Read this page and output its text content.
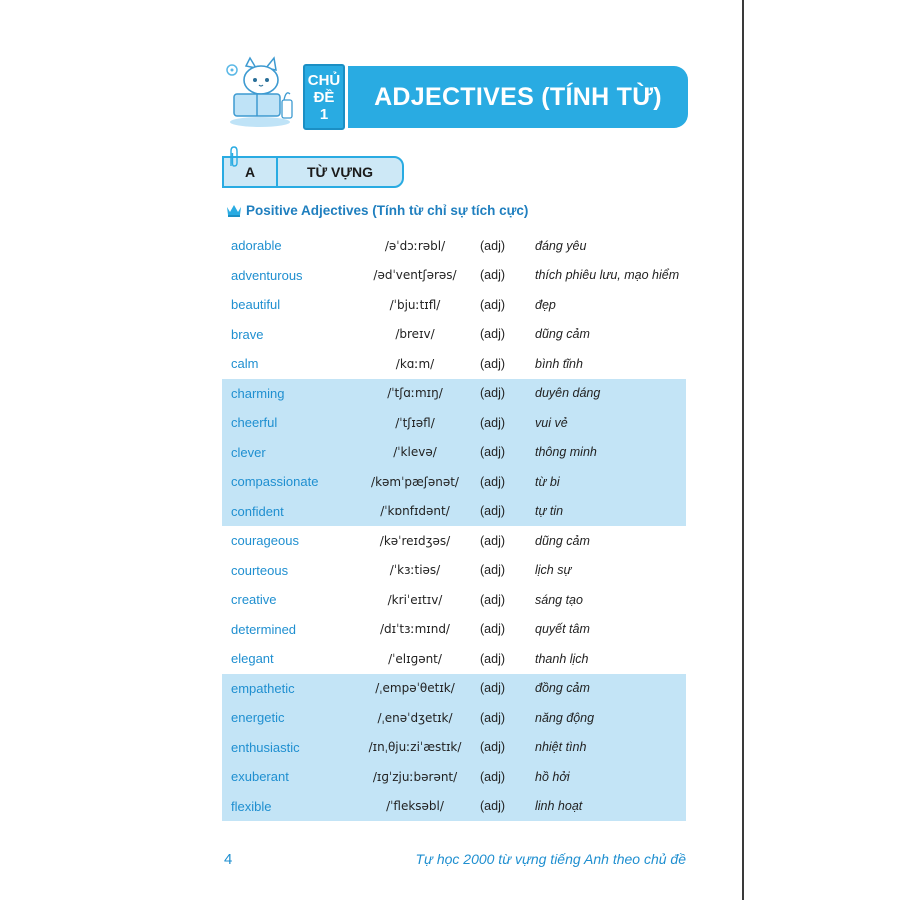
CHỦ
ĐỀ
1
ADJECTIVES (TÍNH TỪ)
A	TỪ VỰNG
Positive Adjectives (Tính từ chỉ sự tích cực)
adorable	/əˈdɔːrəbl/	(adj)	đáng yêu
adventurous	/ədˈventʃərəs/	(adj)	thích phiêu lưu, mạo hiểm
beautiful	/ˈbjuːtɪfl/	(adj)	đẹp
brave	/breɪv/	(adj)	dũng cảm
calm	/kɑːm/	(adj)	bình tĩnh
charming	/ˈtʃɑːmɪŋ/	(adj)	duyên dáng
cheerful	/ˈtʃɪəfl/	(adj)	vui vẻ
clever	/ˈklevə/	(adj)	thông minh
compassionate	/kəmˈpæʃənət/	(adj)	từ bi
confident	/ˈkɒnfɪdənt/	(adj)	tự tin
courageous	/kəˈreɪdʒəs/	(adj)	dũng cảm
courteous	/ˈkɜːtiəs/	(adj)	lịch sự
creative	/kriˈeɪtɪv/	(adj)	sáng tạo
determined	/dɪˈtɜːmɪnd/	(adj)	quyết tâm
elegant	/ˈelɪɡənt/	(adj)	thanh lịch
empathetic	/ˌempəˈθetɪk/	(adj)	đồng cảm
energetic	/ˌenəˈdʒetɪk/	(adj)	năng động
enthusiastic	/ɪnˌθjuːziˈæstɪk/	(adj)	nhiệt tình
exuberant	/ɪɡˈzjuːbərənt/	(adj)	hồ hởi
flexible	/ˈfleksəbl/	(adj)	linh hoạt
4	Tự học 2000 từ vựng tiếng Anh theo chủ đề
